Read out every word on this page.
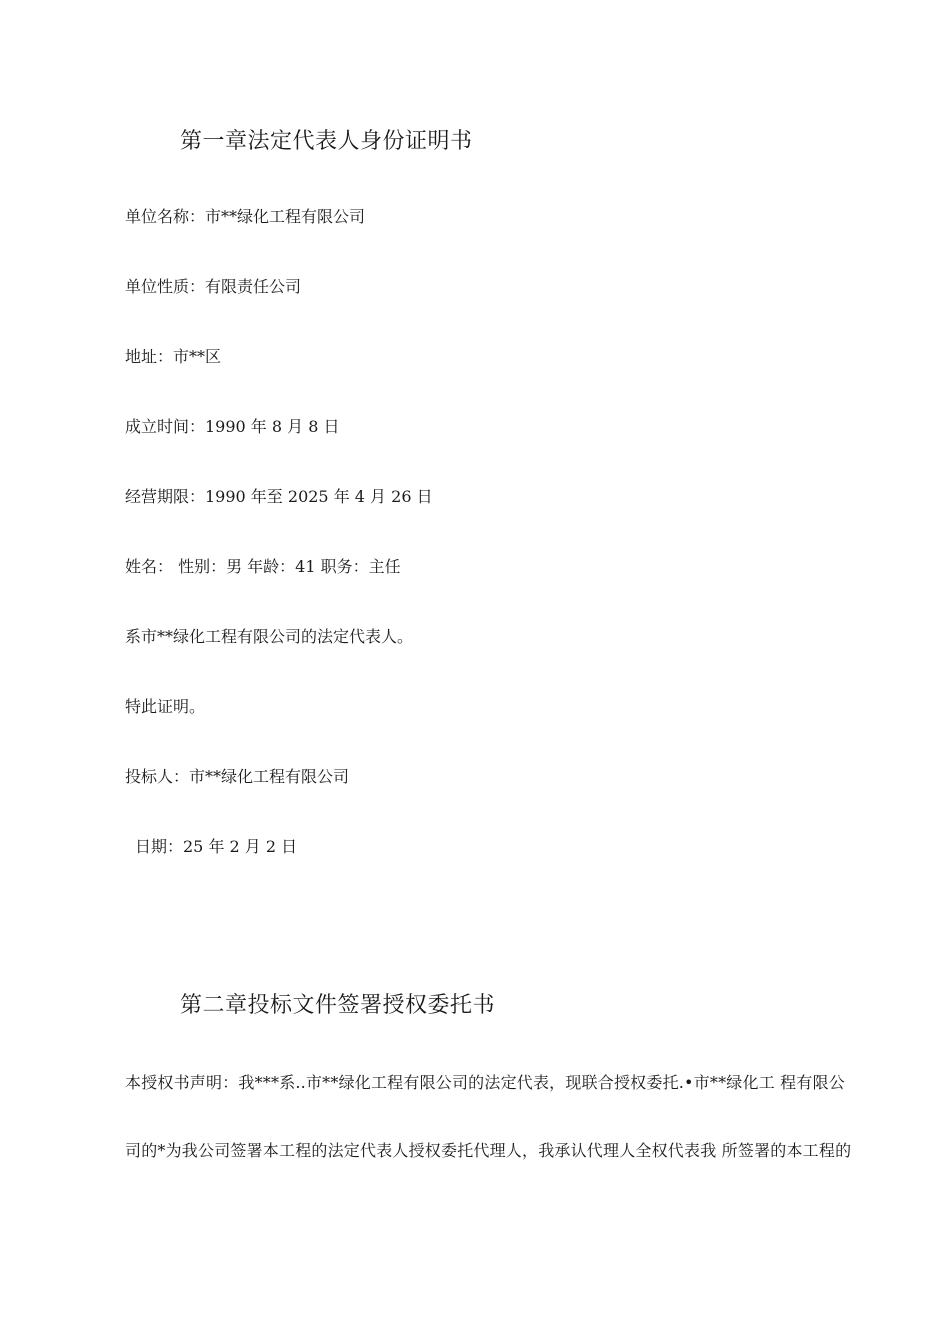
第一章法定代表人身份证明书
单位名称：市**绿化工程有限公司
单位性质：有限责任公司
地址：市**区
成立时间：1990 年 8 月 8 日
经营期限：1990 年至 2025 年 4 月 26 日
姓名： 性别：男 年龄：41 职务：主任
系市**绿化工程有限公司的法定代表人。
特此证明。
投标人：市**绿化工程有限公司
日期：25 年 2 月 2 日
第二章投标文件签署授权委托书
本授权书声明：我***系..市**绿化工程有限公司的法定代表，现联合授权委托.•市**绿化工 程有限公
司的*为我公司签署本工程的法定代表人授权委托代理人，我承认代理人全权代表我 所签署的本工程的
